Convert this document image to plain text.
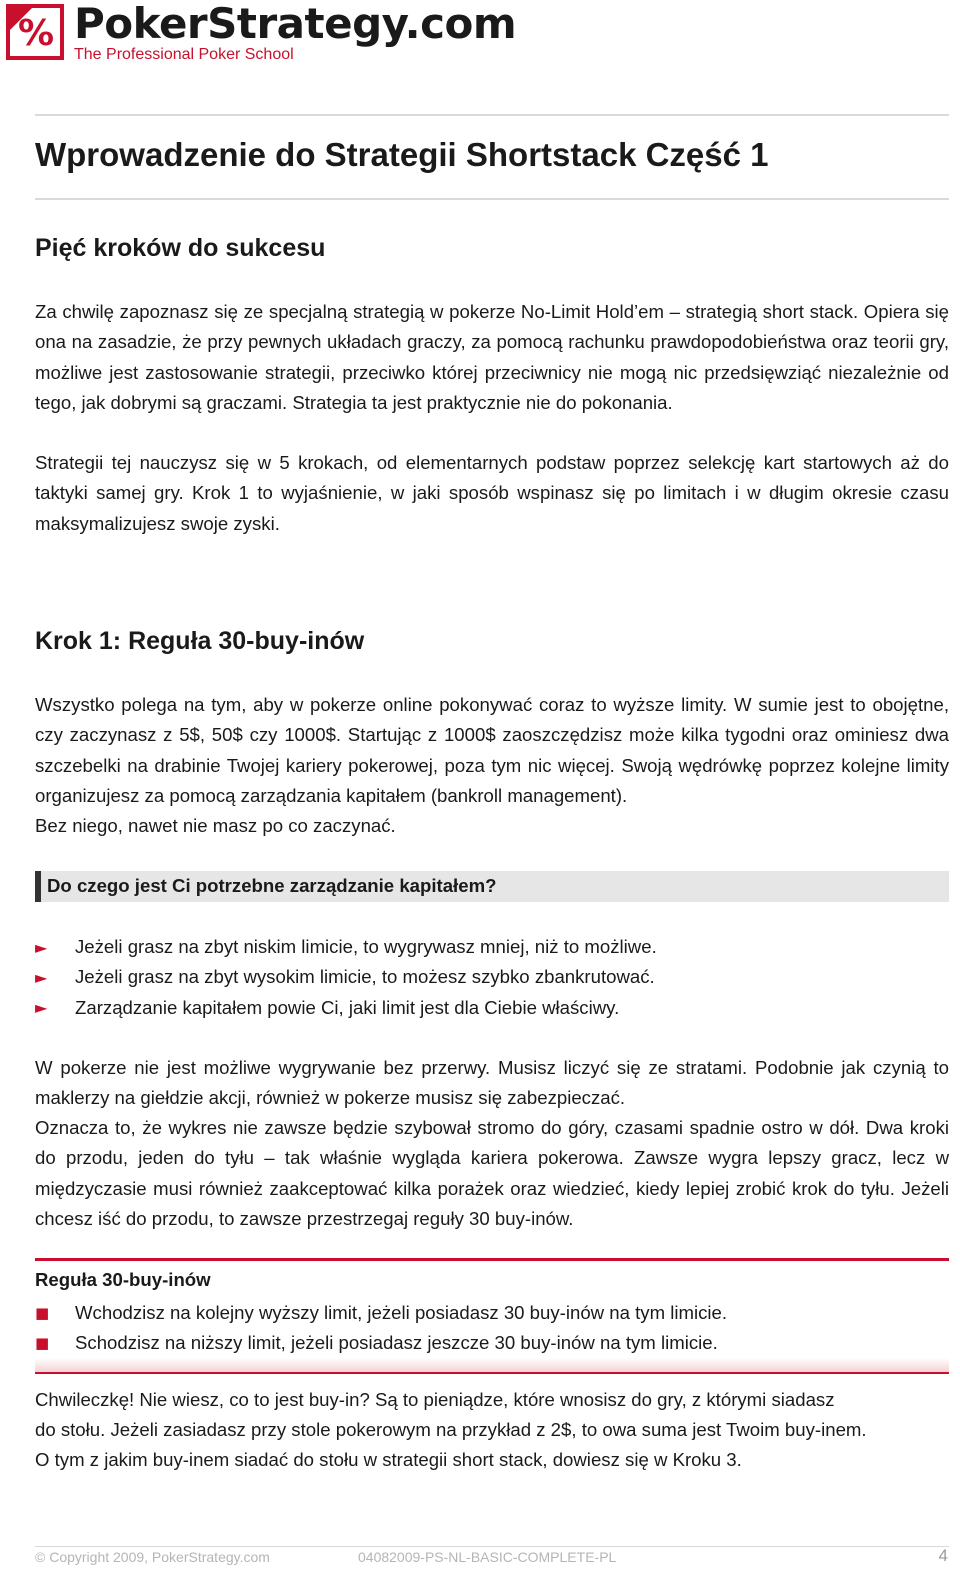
% PokerStrategy.com
The Professional Poker School
Wprowadzenie do Strategii Shortstack Część 1
Pięć kroków do sukcesu

Za chwilę zapoznasz się ze specjalną strategią w pokerze No-Limit Hold’em – strategią short stack. Opiera się ona na zasadzie, że przy pewnych układach graczy, za pomocą rachunku prawdopodobieństwa oraz teorii gry, możliwe jest zastosowanie strategii, przeciwko której przeciwnicy nie mogą nic przedsięwziąć niezależnie od tego, jak dobrymi są graczami. Strategia ta jest praktycznie nie do pokonania.

Strategii tej nauczysz się w 5 krokach, od elementarnych podstaw poprzez selekcję kart startowych aż do taktyki samej gry. Krok 1 to wyjaśnienie, w jaki sposób wspinasz się po limitach i w długim okresie czasu maksymalizujesz swoje zyski.

Krok 1: Reguła 30-buy-inów

Wszystko polega na tym, aby w pokerze online pokonywać coraz to wyższe limity. W sumie jest to obojętne, czy zaczynasz z 5$, 50$ czy 1000$. Startując z 1000$ zaoszczędzisz może kilka tygodni oraz ominiesz dwa szczebelki na drabinie Twojej kariery pokerowej, poza tym nic więcej. Swoją wędrówkę poprzez kolejne limity organizujesz za pomocą zarządzania kapitałem (bankroll management).

Bez niego, nawet nie masz po co zaczynać.

Do czego jest Ci potrzebne zarządzanie kapitałem?
►	Jeżeli grasz na zbyt niskim limicie, to wygrywasz mniej, niż to możliwe.
►	Jeżeli grasz na zbyt wysokim limicie, to możesz szybko zbankrutować.
►	Zarządzanie kapitałem powie Ci, jaki limit jest dla Ciebie właściwy.

W pokerze nie jest możliwe wygrywanie bez przerwy. Musisz liczyć się ze stratami. Podobnie jak czynią to maklerzy na giełdzie akcji, również w pokerze musisz się zabezpieczać.

Oznacza to, że wykres nie zawsze będzie szybował stromo do góry, czasami spadnie ostro w dół. Dwa kroki do przodu, jeden do tyłu – tak właśnie wygląda kariera pokerowa. Zawsze wygra lepszy gracz, lecz w międzyczasie musi również zaakceptować kilka porażek oraz wiedzieć, kiedy lepiej zrobić krok do tyłu. Jeżeli chcesz iść do przodu, to zawsze przestrzegaj reguły 30 buy-inów.

Reguła 30-buy-inów
■	Wchodzisz na kolejny wyższy limit, jeżeli posiadasz 30 buy-inów na tym limicie.
■	Schodzisz na niższy limit, jeżeli posiadasz jeszcze 30 buy-inów na tym limicie.

Chwileczkę! Nie wiesz, co to jest buy-in? Są to pieniądze, które wnosisz do gry, z którymi siadasz

do stołu. Jeżeli zasiadasz przy stole pokerowym na przykład z 2$, to owa suma jest Twoim buy-inem.

O tym z jakim buy-inem siadać do stołu w strategii short stack, dowiesz się w Kroku 3.

© Copyright 2009, PokerStrategy.com	04082009-PS-NL-BASIC-COMPLETE-PL	4
